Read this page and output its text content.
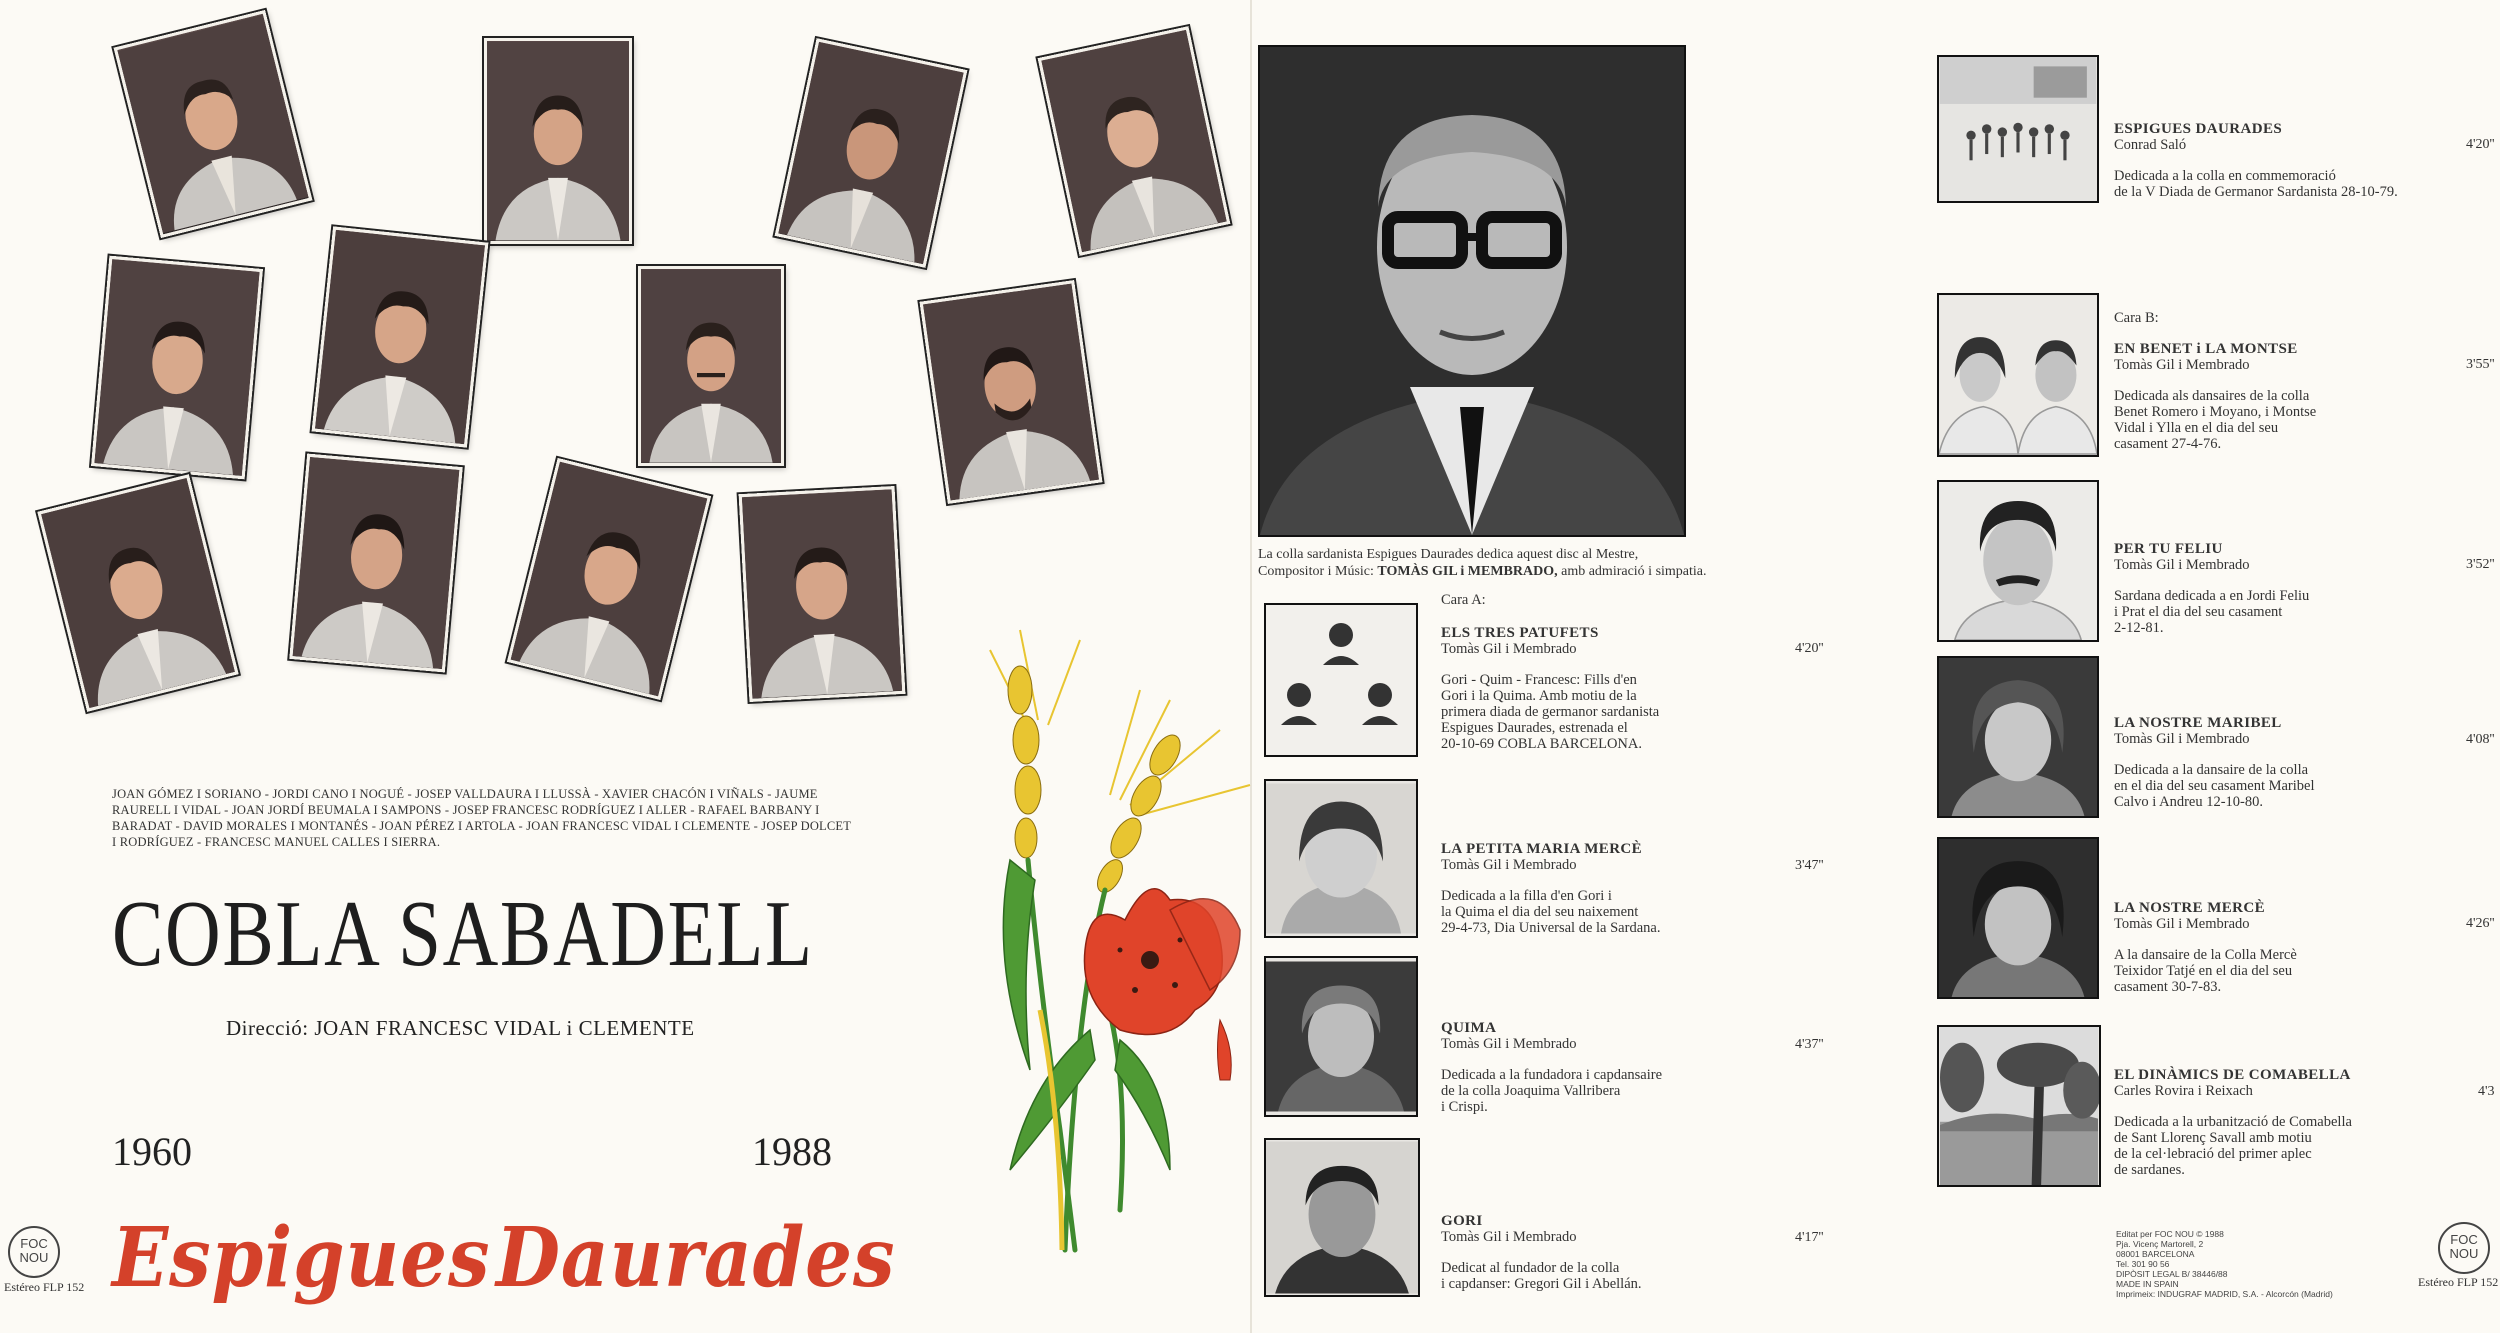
JOAN GÓMEZ I SORIANO - JORDI CANO I NOGUÉ - JOSEP VALLDAURA I LLUSSÀ - XAVIER CHACÓN I VIÑALS - JAUME RAURELL I VIDAL - JOAN JORDÍ BEUMALA I SAMPONS - JOSEP FRANCESC RODRÍGUEZ I ALLER - RAFAEL BARBANY I BARADAT - DAVID MORALES I MONTANÉS - JOAN PÉREZ I ARTOLA - JOAN FRANCESC VIDAL I CLEMENTE - JOSEP DOLCET I RODRÍGUEZ - FRANCESC MANUEL CALLES I SIERRA.
COBLA SABADELL
Direcció: JOAN FRANCESC VIDAL i CLEMENTE
1960	1988
Espigues Daurades
FOC NOU
Estéreo FLP 152
La colla sardanista Espigues Daurades dedica aquest disc al Mestre,
Compositor i Músic: TOMÀS GIL i MEMBRADO, amb admiració i simpatia.
Cara A:
ELS TRES PATUFETS
Tomàs Gil i Membrado
Gori - Quim - Francesc: Fills d'en
Gori i la Quima. Amb motiu de la
primera diada de germanor sardanista
Espigues Daurades, estrenada el
20-10-69 COBLA BARCELONA.
4'20''
LA PETITA MARIA MERCÈ
Tomàs Gil i Membrado
Dedicada a la filla d'en Gori i
la Quima el dia del seu naixement
29-4-73, Dia Universal de la Sardana.
3'47''
QUIMA
Tomàs Gil i Membrado
Dedicada a la fundadora i capdansaire
de la colla Joaquima Vallribera
i Crispi.
4'37''
GORI
Tomàs Gil i Membrado
Dedicat al fundador de la colla
i capdanser: Gregori Gil i Abellán.
4'17''
ESPIGUES DAURADES
Conrad Saló
Dedicada a la colla en commemoració
de la V Diada de Germanor Sardanista 28-10-79.
4'20''
Cara B:
EN BENET i LA MONTSE
Tomàs Gil i Membrado
Dedicada als dansaires de la colla
Benet Romero i Moyano, i Montse
Vidal i Ylla en el dia del seu
casament 27-4-76.
3'55''
PER TU FELIU
Tomàs Gil i Membrado
Sardana dedicada a en Jordi Feliu
i Prat el dia del seu casament
2-12-81.
3'52''
LA NOSTRE MARIBEL
Tomàs Gil i Membrado
Dedicada a la dansaire de la colla
en el dia del seu casament Maribel
Calvo i Andreu 12-10-80.
4'08''
LA NOSTRE MERCÈ
Tomàs Gil i Membrado
A la dansaire de la Colla Mercè
Teixidor Tatjé en el dia del seu
casament 30-7-83.
4'26''
EL DINÀMICS DE COMABELLA
Carles Rovira i Reixach
Dedicada a la urbanització de Comabella
de Sant Llorenç Savall amb motiu
de la cel·lebració del primer aplec
de sardanes.
4'3
Editat per FOC NOU © 1988
Pja. Vicenç Martorell, 2
08001 BARCELONA
Tel. 301 90 56
DIPÒSIT LEGAL B/ 38446/88
MADE IN SPAIN
Imprimeix: INDUGRAF MADRID, S.A. - Alcorcón (Madrid)
FOC NOU
Estéreo FLP 152
